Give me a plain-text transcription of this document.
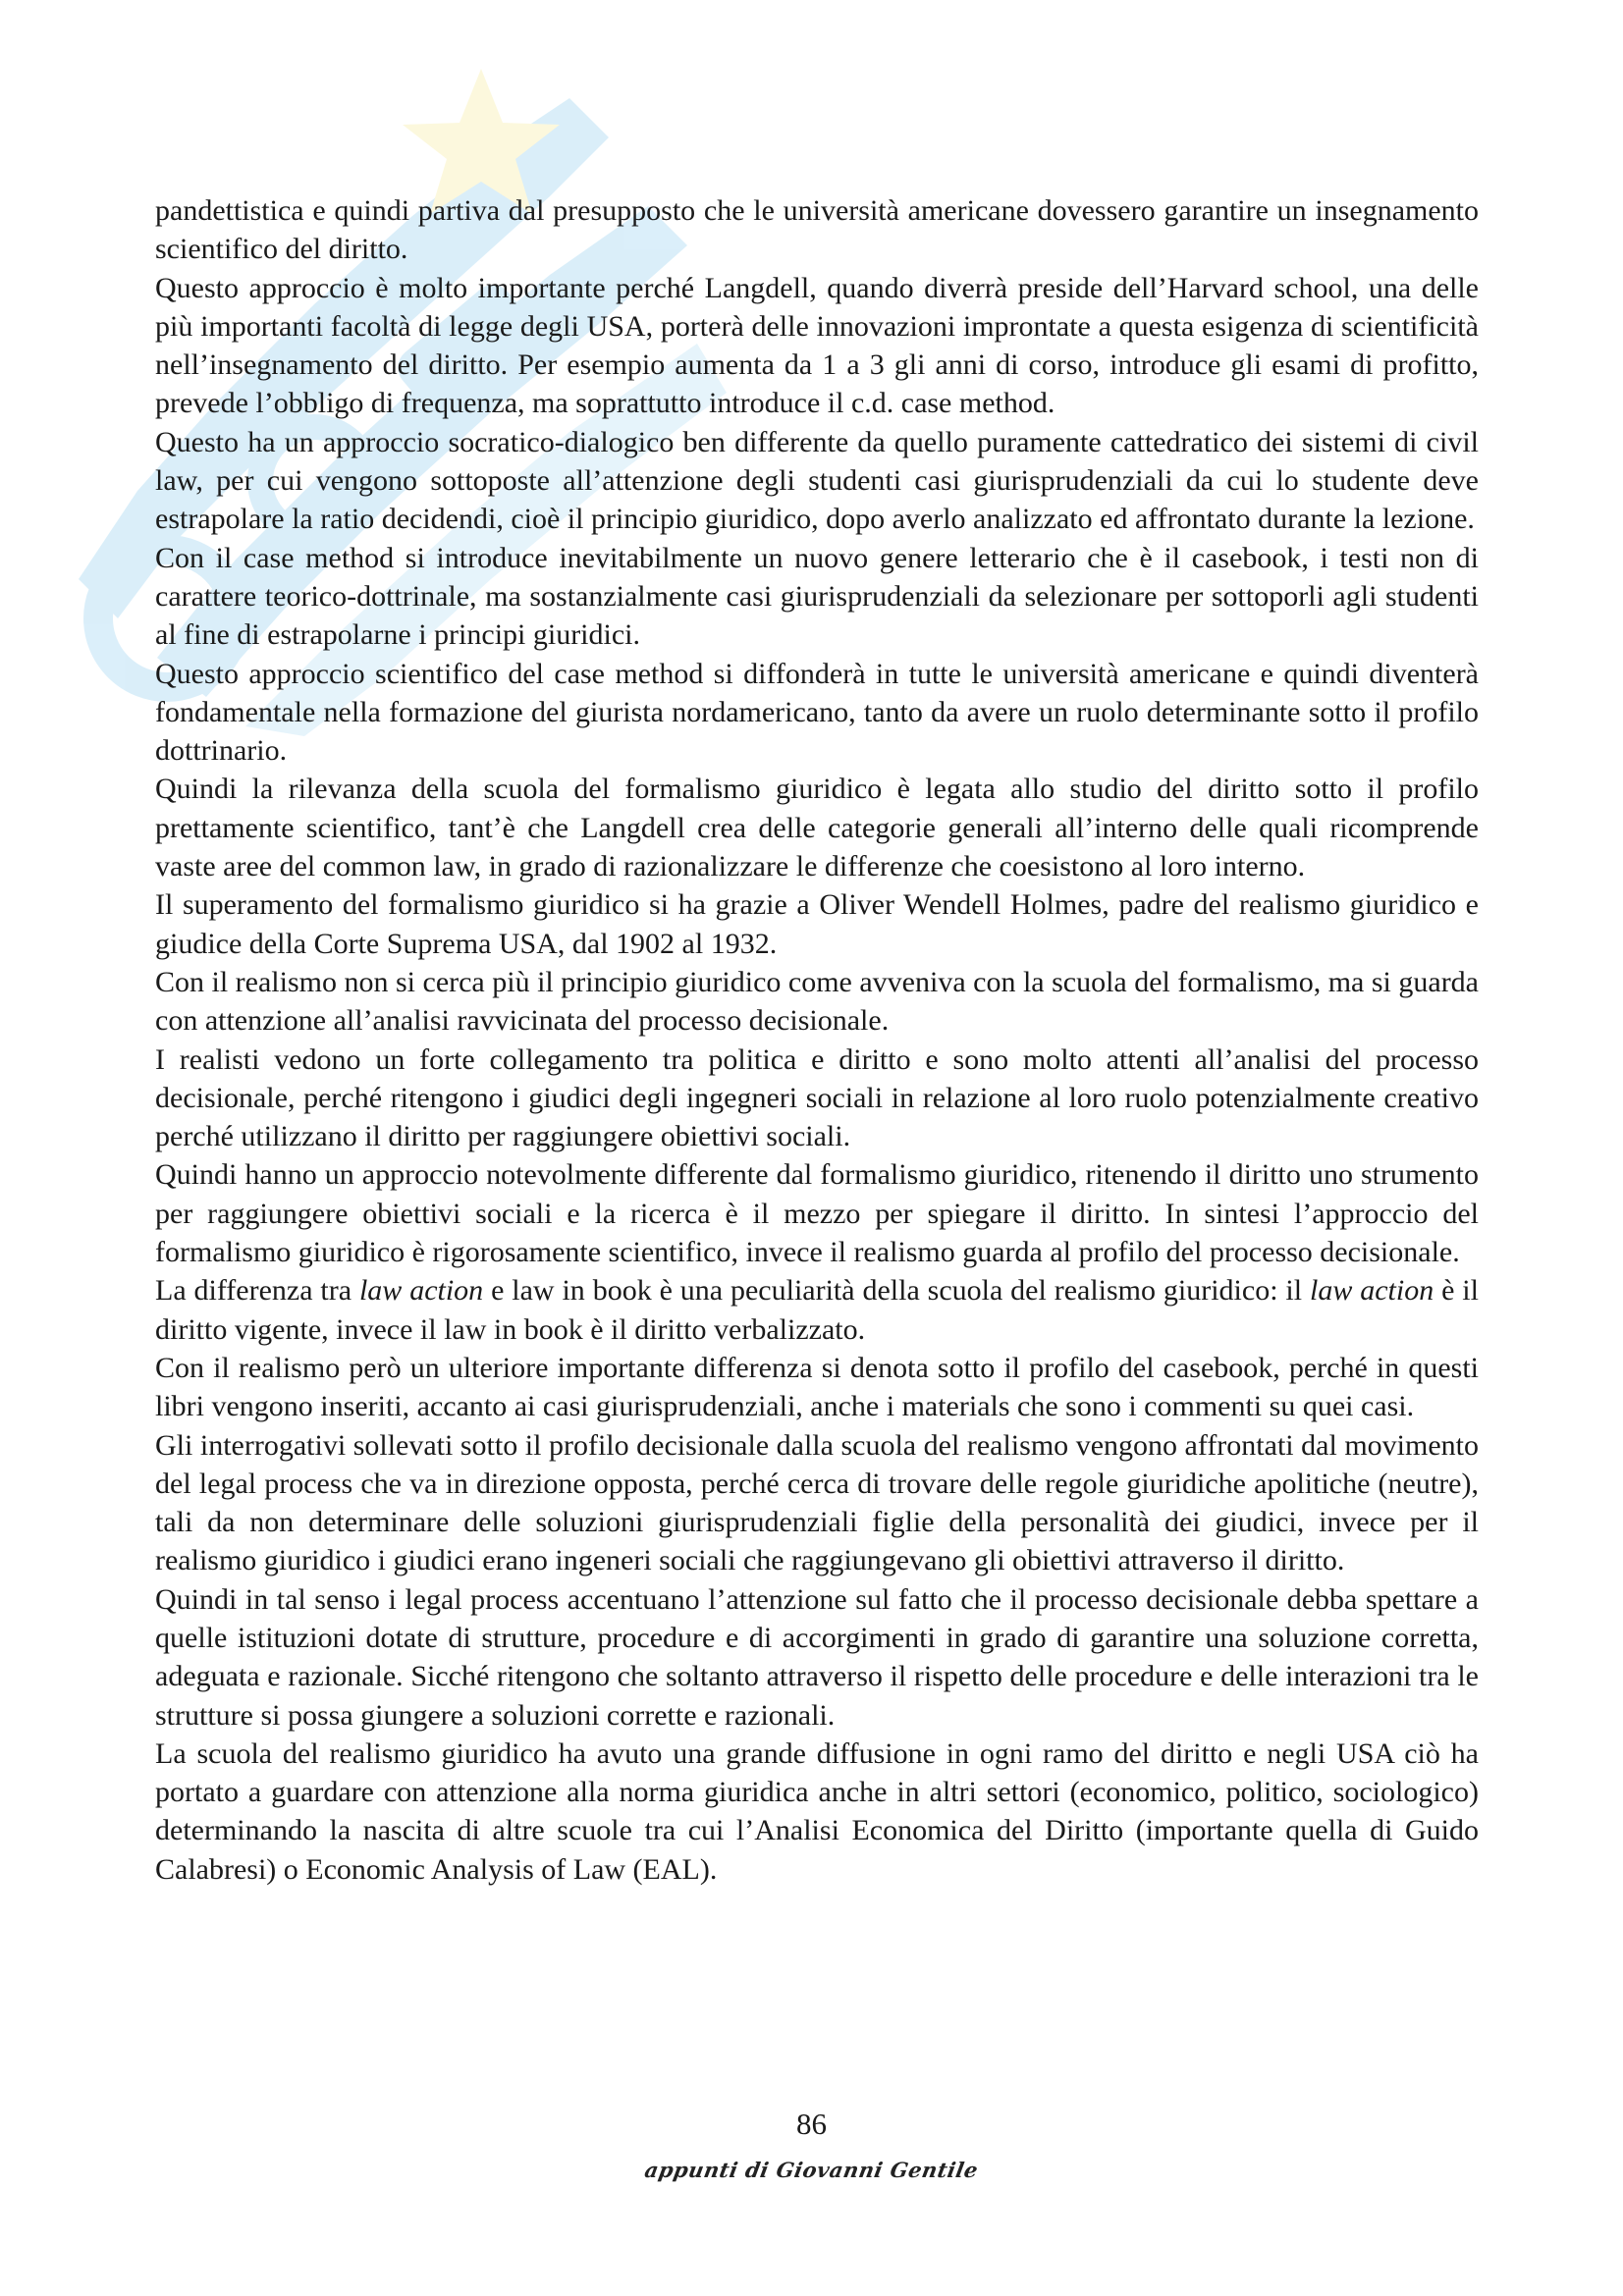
pandettistica e quindi partiva dal presupposto che le università americane dovessero garantire un insegnamento scientifico del diritto.

Questo approccio è molto importante perché Langdell, quando diverrà preside dell’Harvard school, una delle più importanti facoltà di legge degli USA, porterà delle innovazioni improntate a questa esigenza di scientificità nell’insegnamento del diritto. Per esempio aumenta da 1 a 3 gli anni di corso, introduce gli esami di profitto, prevede l’obbligo di frequenza, ma soprattutto introduce il c.d. case method.

Questo ha un approccio socratico-dialogico ben differente da quello puramente cattedratico dei sistemi di civil law, per cui vengono sottoposte all’attenzione degli studenti casi giurisprudenziali da cui lo studente deve estrapolare la ratio decidendi, cioè il principio giuridico, dopo averlo analizzato ed affrontato durante la lezione.

Con il case method si introduce inevitabilmente un nuovo genere letterario che è il casebook, i testi non di carattere teorico-dottrinale, ma sostanzialmente casi giurisprudenziali da selezionare per sottoporli agli studenti al fine di estrapolarne i principi giuridici.

Questo approccio scientifico del case method si diffonderà in tutte le università americane e quindi diventerà fondamentale nella formazione del giurista nordamericano, tanto da avere un ruolo determinante sotto il profilo dottrinario.

Quindi la rilevanza della scuola del formalismo giuridico è legata allo studio del diritto sotto il profilo prettamente scientifico, tant’è che Langdell crea delle categorie generali all’interno delle quali ricomprende vaste aree del common law, in grado di razionalizzare le differenze che coesistono al loro interno.

Il superamento del formalismo giuridico si ha grazie a Oliver Wendell Holmes, padre del realismo giuridico e giudice della Corte Suprema USA, dal 1902 al 1932.

Con il realismo non si cerca più il principio giuridico come avveniva con la scuola del formalismo, ma si guarda con attenzione all’analisi ravvicinata del processo decisionale.

I realisti vedono un forte collegamento tra politica e diritto e sono molto attenti all’analisi del processo decisionale, perché ritengono i giudici degli ingegneri sociali in relazione al loro ruolo potenzialmente creativo perché utilizzano il diritto per raggiungere obiettivi sociali.

Quindi hanno un approccio notevolmente differente dal formalismo giuridico, ritenendo il diritto uno strumento per raggiungere obiettivi sociali e la ricerca è il mezzo per spiegare il diritto. In sintesi l’approccio del formalismo giuridico è rigorosamente scientifico, invece il realismo guarda al profilo del processo decisionale.

La differenza tra law action e law in book è una peculiarità della scuola del realismo giuridico: il law action è il diritto vigente, invece il law in book è il diritto verbalizzato.

Con il realismo però un ulteriore importante differenza si denota sotto il profilo del casebook, perché in questi libri vengono inseriti, accanto ai casi giurisprudenziali, anche i materials che sono i commenti su quei casi.

Gli interrogativi sollevati sotto il profilo decisionale dalla scuola del realismo vengono affrontati dal movimento del legal process che va in direzione opposta, perché cerca di trovare delle regole giuridiche apolitiche (neutre), tali da non determinare delle soluzioni giurisprudenziali figlie della personalità dei giudici, invece per il realismo giuridico i giudici erano ingeneri sociali che raggiungevano gli obiettivi attraverso il diritto.

Quindi in tal senso i legal process accentuano l’attenzione sul fatto che il processo decisionale debba spettare a quelle istituzioni dotate di strutture, procedure e di accorgimenti in grado di garantire una soluzione corretta, adeguata e razionale. Sicché ritengono che soltanto attraverso il rispetto delle procedure e delle interazioni tra le strutture si possa giungere a soluzioni corrette e razionali.

La scuola del realismo giuridico ha avuto una grande diffusione in ogni ramo del diritto e negli USA ciò ha portato a guardare con attenzione alla norma giuridica anche in altri settori (economico, politico, sociologico) determinando la nascita di altre scuole tra cui l’Analisi Economica del Diritto (importante quella di Guido Calabresi) o Economic Analysis of Law (EAL).

86
appunti di Giovanni Gentile
